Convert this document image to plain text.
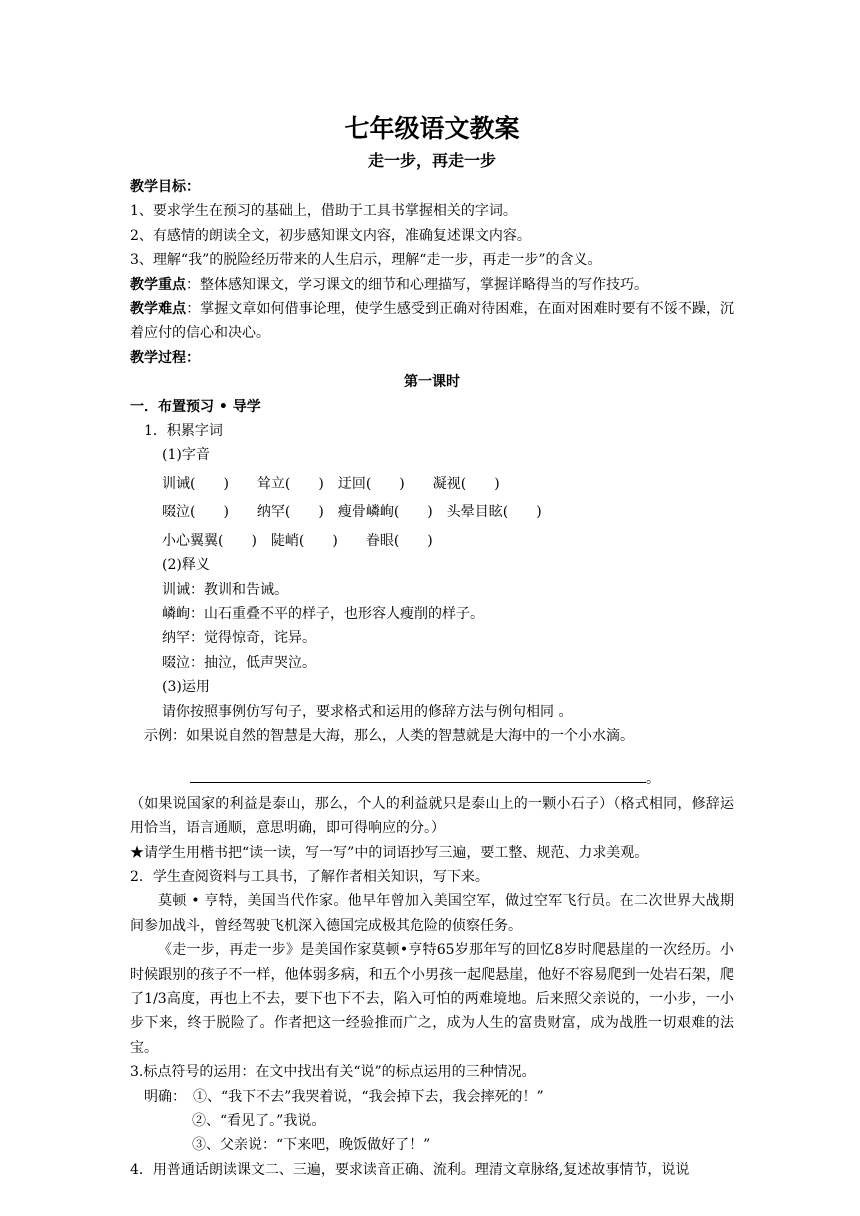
七年级语文教案
走一步，再走一步

教学目标：

1、要求学生在预习的基础上，借助于工具书掌握相关的字词。

2、有感情的朗读全文，初步感知课文内容，准确复述课文内容。

3、理解“我”的脱险经历带来的人生启示，理解“走一步，再走一步”的含义。

教学重点：整体感知课文，学习课文的细节和心理描写，掌握详略得当的写作技巧。

教学难点：掌握文章如何借事论理，使学生感受到正确对待困难，在面对困难时要有不馁不躁，沉着应付的信心和决心。

教学过程：

第一课时

一．布置预习 • 导学

1．积累字词

(1)字音

训诫(　　)　　耸立(　　)　迂回(　　)　　凝视(　　)

啜泣(　　)　　纳罕(　　)　瘦骨嶙峋(　　)　头晕目眩(　　)

小心翼翼(　　)　陡峭(　　)　　眷眼(　　)

(2)释义

训诫：教训和告诫。

嶙峋：山石重叠不平的样子，也形容人瘦削的样子。

纳罕：觉得惊奇，诧异。

啜泣：抽泣，低声哭泣。

(3)运用

请你按照事例仿写句子，要求格式和运用的修辞方法与例句相同 。

示例：如果说自然的智慧是大海，那么，人类的智慧就是大海中的一个小水滴。

。

（如果说国家的利益是泰山，那么，个人的利益就只是泰山上的一颗小石子）（格式相同，修辞运用恰当，语言通顺，意思明确，即可得响应的分。）

★请学生用楷书把“读一读，写一写”中的词语抄写三遍，要工整、规范、力求美观。

2．学生查阅资料与工具书，了解作者相关知识，写下来。

莫顿 • 亨特，美国当代作家。他早年曾加入美国空军，做过空军飞行员。在二次世界大战期间参加战斗，曾经驾驶飞机深入德国完成极其危险的侦察任务。

《走一步，再走一步》是美国作家莫顿•亨特65岁那年写的回忆8岁时爬悬崖的一次经历。小时候跟别的孩子不一样，他体弱多病，和五个小男孩一起爬悬崖，他好不容易爬到一处岩石架，爬了1/3高度，再也上不去，要下也下不去，陷入可怕的两难境地。后来照父亲说的，一小步，一小步下来，终于脱险了。作者把这一经验推而广之，成为人生的富贵财富，成为战胜一切艰难的法宝。

3.标点符号的运用：在文中找出有关“说”的标点运用的三种情况。

明确：　 ①、“我下不去”我哭着说，“我会掉下去，我会摔死的！”

②、“看见了。”我说。

③、父亲说：“下来吧，晚饭做好了！”

4．用普通话朗读课文二、三遍，要求读音正确、流利。理清文章脉络,复述故事情节，说说
